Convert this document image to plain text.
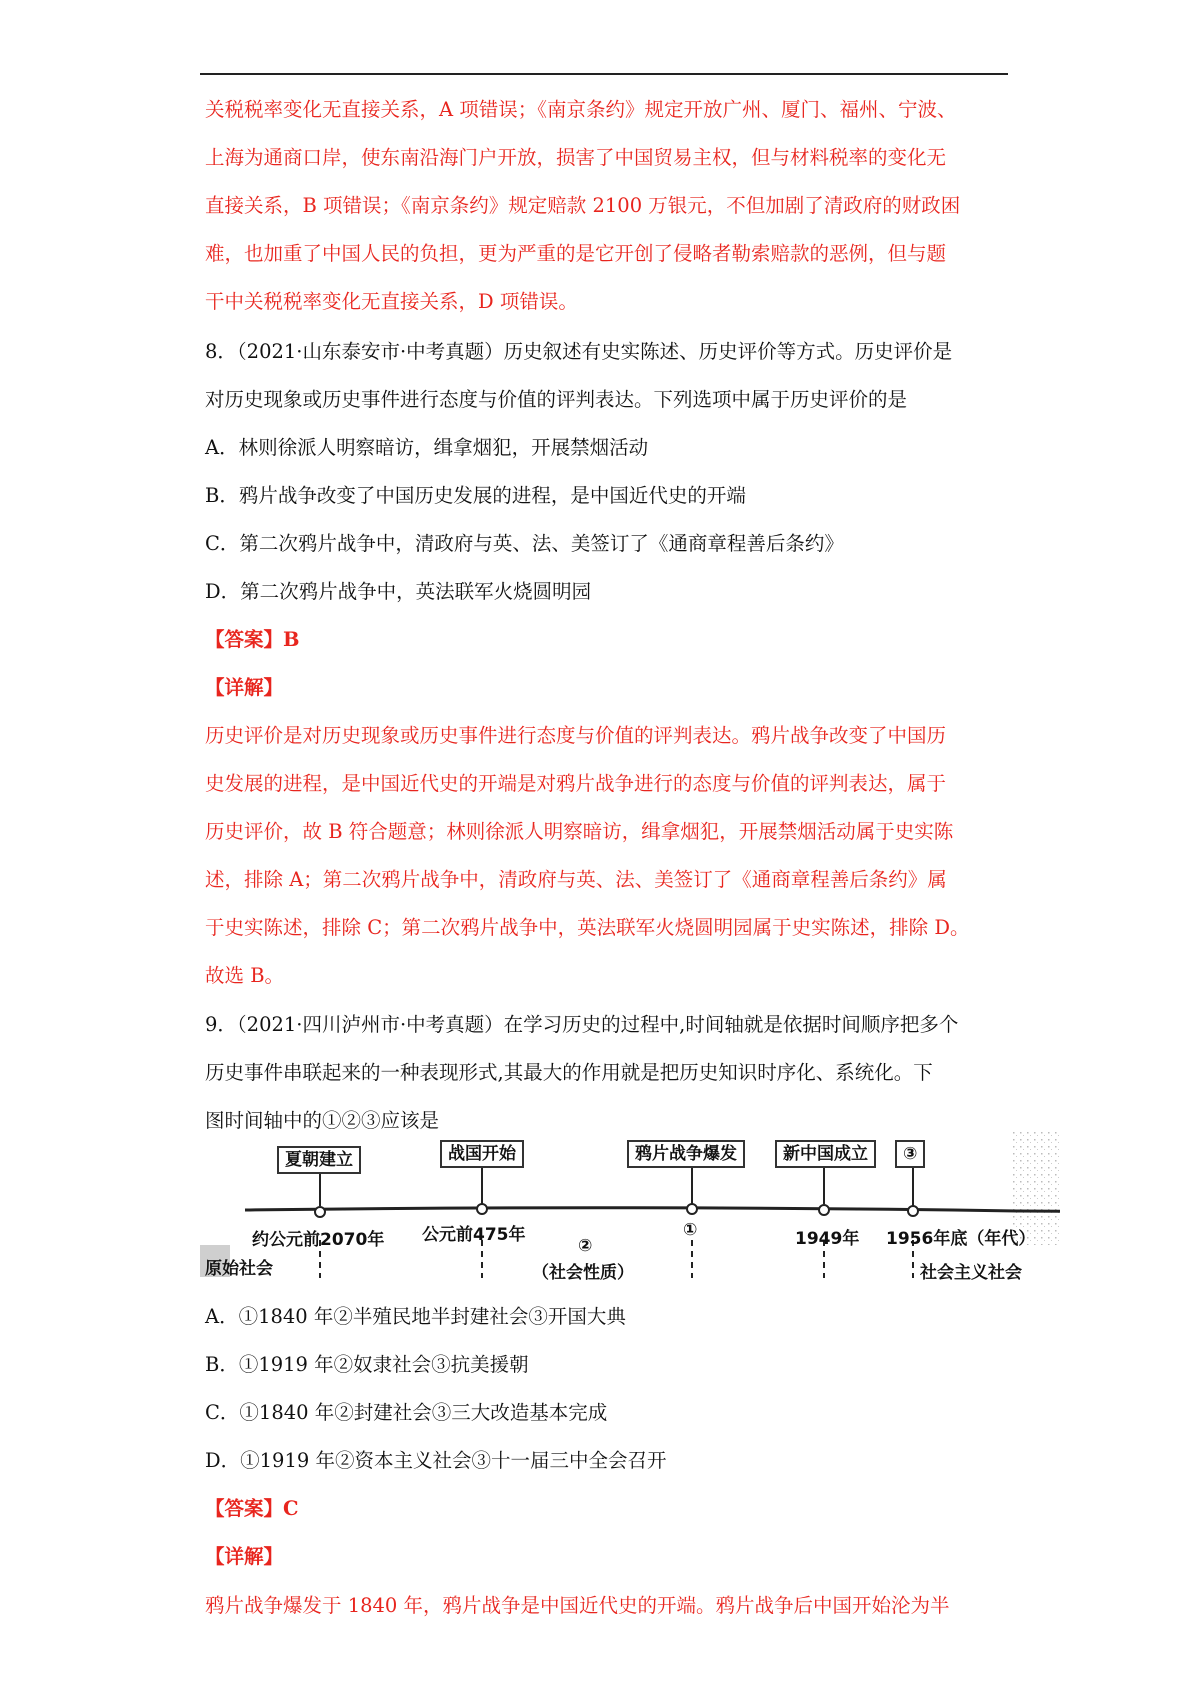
关税税率变化无直接关系，A 项错误；《南京条约》规定开放广州、厦门、福州、宁波、
上海为通商口岸，使东南沿海门户开放，损害了中国贸易主权，但与材料税率的变化无
直接关系，B 项错误；《南京条约》规定赔款 2100 万银元，不但加剧了清政府的财政困
难，也加重了中国人民的负担，更为严重的是它开创了侵略者勒索赔款的恶例，但与题
干中关税税率变化无直接关系，D 项错误。
8．（2021·山东泰安市·中考真题）历史叙述有史实陈述、历史评价等方式。历史评价是
对历史现象或历史事件进行态度与价值的评判表达。下列选项中属于历史评价的是
A．林则徐派人明察暗访，缉拿烟犯，开展禁烟活动
B．鸦片战争改变了中国历史发展的进程，是中国近代史的开端
C．第二次鸦片战争中，清政府与英、法、美签订了《通商章程善后条约》
D．第二次鸦片战争中，英法联军火烧圆明园
【答案】B
【详解】
历史评价是对历史现象或历史事件进行态度与价值的评判表达。鸦片战争改变了中国历
史发展的进程，是中国近代史的开端是对鸦片战争进行的态度与价值的评判表达，属于
历史评价，故 B 符合题意；林则徐派人明察暗访，缉拿烟犯，开展禁烟活动属于史实陈
述，排除 A；第二次鸦片战争中，清政府与英、法、美签订了《通商章程善后条约》属
于史实陈述，排除 C；第二次鸦片战争中，英法联军火烧圆明园属于史实陈述，排除 D。
故选 B。
9．（2021·四川泸州市·中考真题）在学习历史的过程中,时间轴就是依据时间顺序把多个
历史事件串联起来的一种表现形式,其最大的作用就是把历史知识时序化、系统化。下
图时间轴中的①②③应该是
夏朝建立	战国开始	鸦片战争爆发	新中国成立	③
约公元前2070年 公元前475年	①	1949年 1956年底（年代）
原始社会
②
（社会性质）	社会主义社会
A．①1840 年②半殖民地半封建社会③开国大典
B．①1919 年②奴隶社会③抗美援朝
C．①1840 年②封建社会③三大改造基本完成
D．①1919 年②资本主义社会③十一届三中全会召开
【答案】C
【详解】
鸦片战争爆发于 1840 年，鸦片战争是中国近代史的开端。鸦片战争后中国开始沦为半
